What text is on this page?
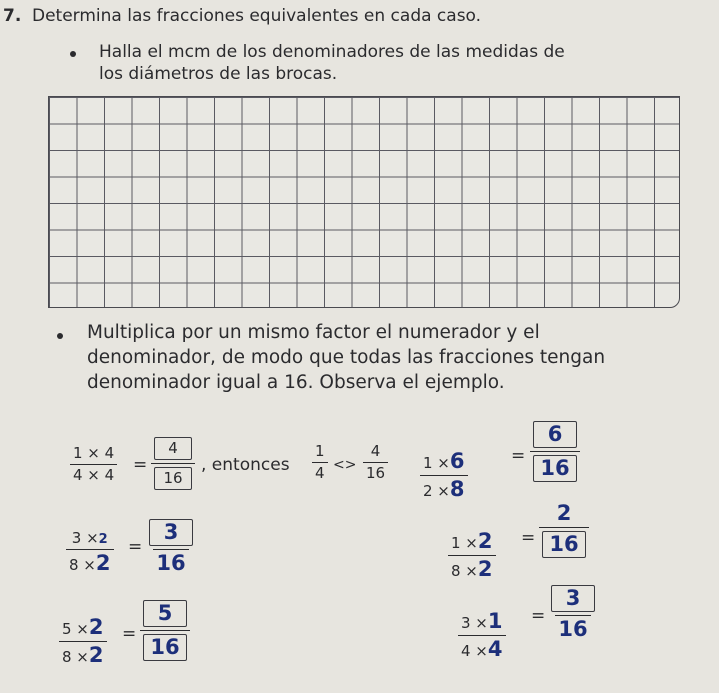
7. Determina las fracciones equivalentes en cada caso.
Halla el mcm de los denominadores de las medidas de
los diámetros de las brocas.
Multiplica por un mismo factor el numerador y el
denominador, de modo que todas las fracciones tengan
denominador igual a 16. Observa el ejemplo.
$\frac{1 \times 4}{4 \times 4} = \frac{4}{16}$ , entonces $\frac{1}{4} <> \frac{4}{16}$
$\frac{3 \times 2}{8 \times 2} = \frac{3}{16}$
$\frac{5 \times 2}{8 \times 2} = \frac{5}{16}$
$\frac{1 \times 6}{2 \times 8}$	= $\frac{6}{16}$
$\frac{1 \times 2}{8 \times 2} = \frac{2}{16}$
$\frac{3 \times 1}{4 \times 4} = \frac{3}{16}$
